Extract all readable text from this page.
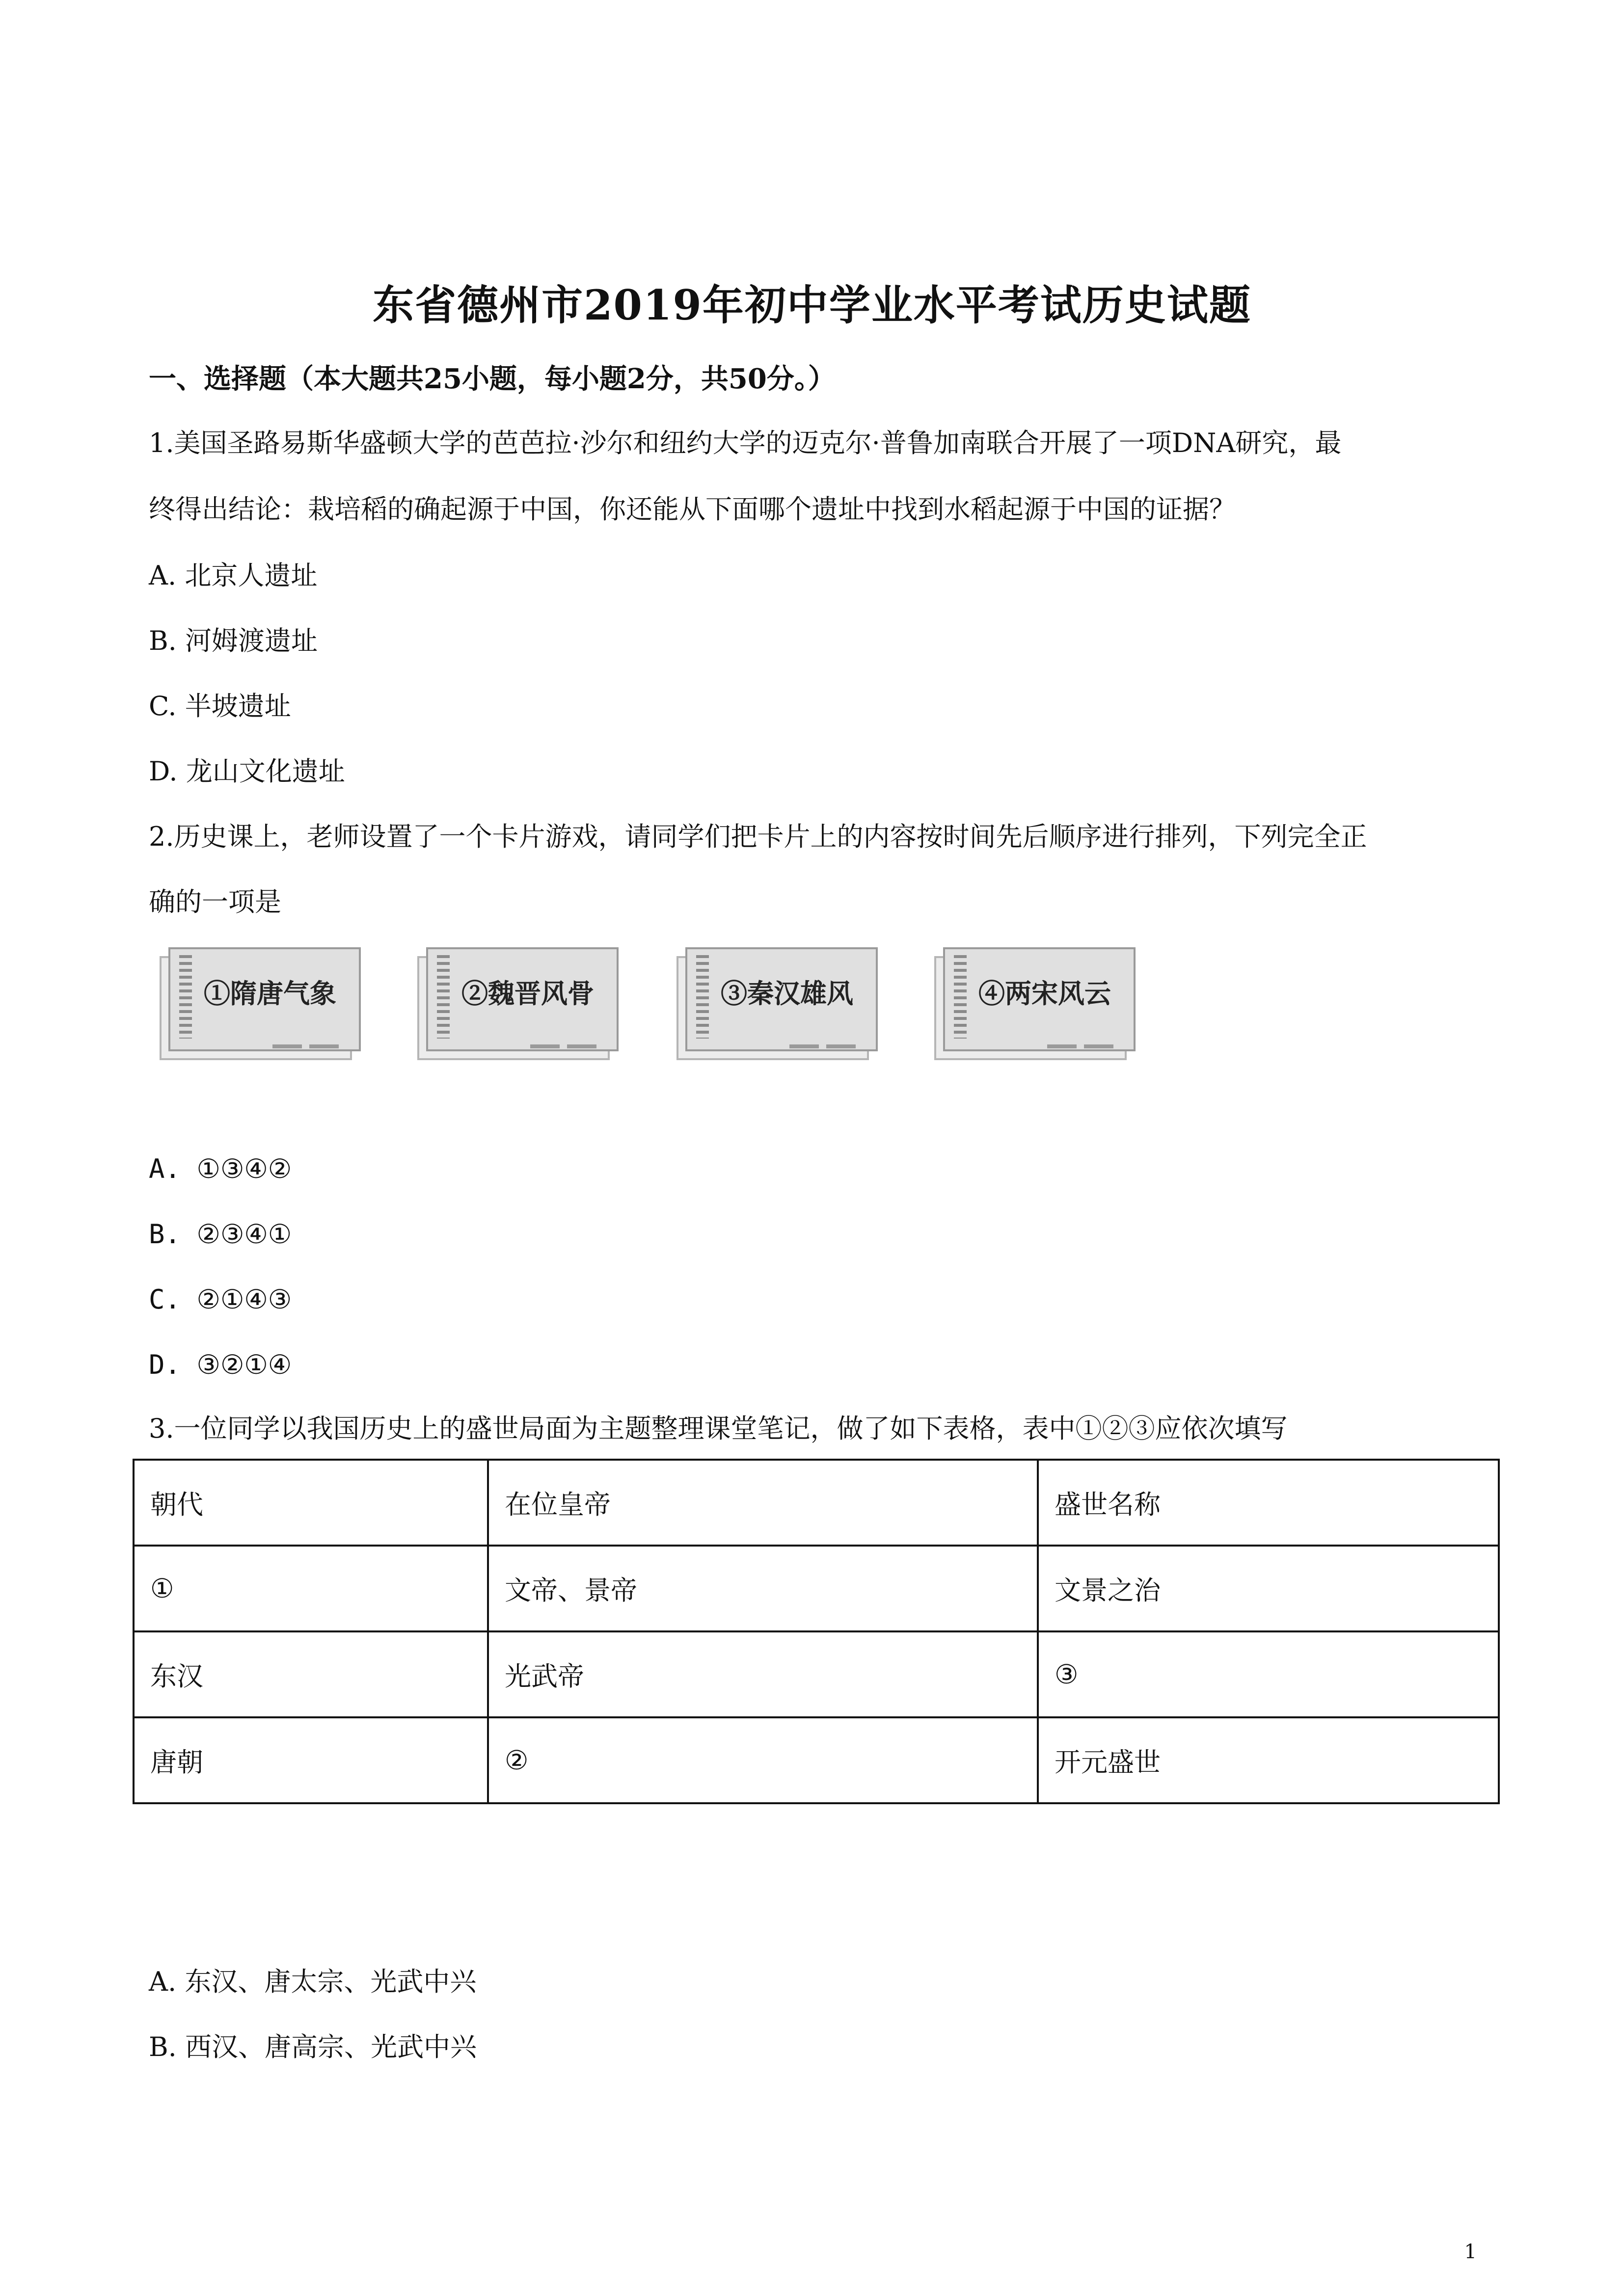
东省德州市2019年初中学业水平考试历史试题
一、选择题（本大题共25小题，每小题2分，共50分。）
1.美国圣路易斯华盛顿大学的芭芭拉·沙尔和纽约大学的迈克尔·普鲁加南联合开展了一项DNA研究，最
终得出结论：栽培稻的确起源于中国，你还能从下面哪个遗址中找到水稻起源于中国的证据？
A. 北京人遗址
B. 河姆渡遗址
C. 半坡遗址
D. 龙山文化遗址
2.历史课上，老师设置了一个卡片游戏，请同学们把卡片上的内容按时间先后顺序进行排列，下列完全正
确的一项是
①隋唐气象	②魏晋风骨	③秦汉雄风	④两宋风云
A. ①③④②
B. ②③④①
C. ②①④③
D. ③②①④
3.一位同学以我国历史上的盛世局面为主题整理课堂笔记，做了如下表格，表中①②③应依次填写
朝代	在位皇帝	盛世名称
①	文帝、景帝	文景之治
东汉	光武帝	③
唐朝	②	开元盛世
A. 东汉、唐太宗、光武中兴
B. 西汉、唐高宗、光武中兴
1
